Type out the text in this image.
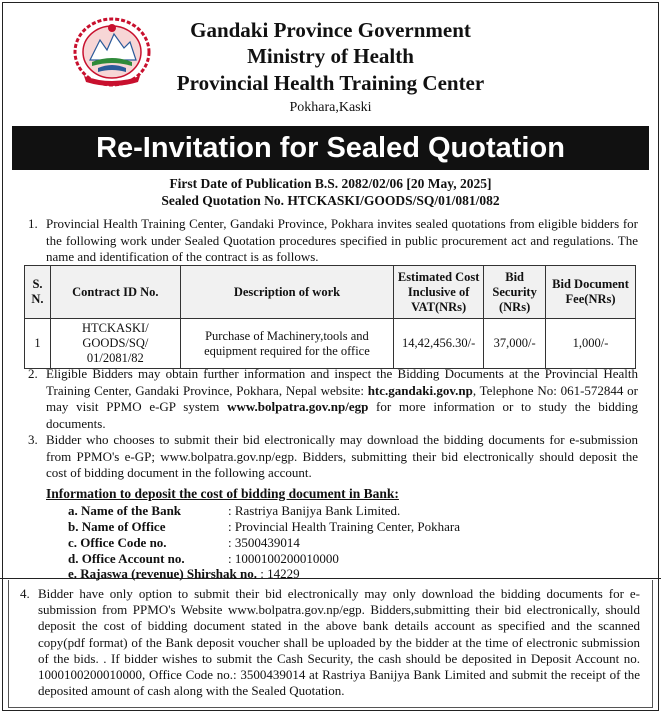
Gandaki Province Government
Ministry of Health
Provincial Health Training Center
Pokhara,Kaski
Re-Invitation for Sealed Quotation
First Date of Publication B.S. 2082/02/06 [20 May, 2025]
Sealed Quotation No. HTCKASKI/GOODS/SQ/01/081/082
1. Provincial Health Training Center, Gandaki Province, Pokhara invites sealed quotations from eligible bidders for the following work under Sealed Quotation procedures specified in public procurement act and regulations. The name and identification of the contract is as follows.
S. N.	Contract ID No.	Description of work	Estimated Cost Inclusive of VAT(NRs)	Bid Security (NRs)	Bid Document Fee(NRs)
1	HTCKASKI/ GOODS/SQ/ 01/2081/82	Purchase of Machinery,tools and equipment required for the office	14,42,456.30/-	37,000/-	1,000/-
2. Eligible Bidders may obtain further information and inspect the Bidding Documents at the Provincial Health Training Center, Gandaki Province, Pokhara, Nepal website: htc.gandaki.gov.np, Telephone No: 061-572844 or may visit PPMO e-GP system www.bolpatra.gov.np/egp for more information or to study the bidding documents.
3. Bidder who chooses to submit their bid electronically may download the bidding documents for e-submission from PPMO's e-GP; www.bolpatra.gov.np/egp. Bidders, submitting their bid electronically should deposit the cost of bidding document in the following account.
Information to deposit the cost of bidding document in Bank:
a. Name of the Bank	: Rastriya Banijya Bank Limited.
b. Name of Office	: Provincial Health Training Center, Pokhara
c. Office Code no.	: 3500439014
d. Office Account no.	: 1000100200010000
e. Rajaswa (revenue) Shirshak no. : 14229
4. Bidder have only option to submit their bid electronically may only download the bidding documents for e-submission from PPMO's Website www.bolpatra.gov.np/egp. Bidders,submitting their bid electronically, should deposit the cost of bidding document stated in the above bank details account as specified and the scanned copy(pdf format) of the Bank deposit voucher shall be uploaded by the bidder at the time of electronic submission of the bids. . If bidder wishes to submit the Cash Security, the cash should be deposited in Deposit Account no. 1000100200010000, Office Code no.: 3500439014 at Rastriya Banijya Bank Limited and submit the receipt of the deposited amount of cash along with the Sealed Quotation.
